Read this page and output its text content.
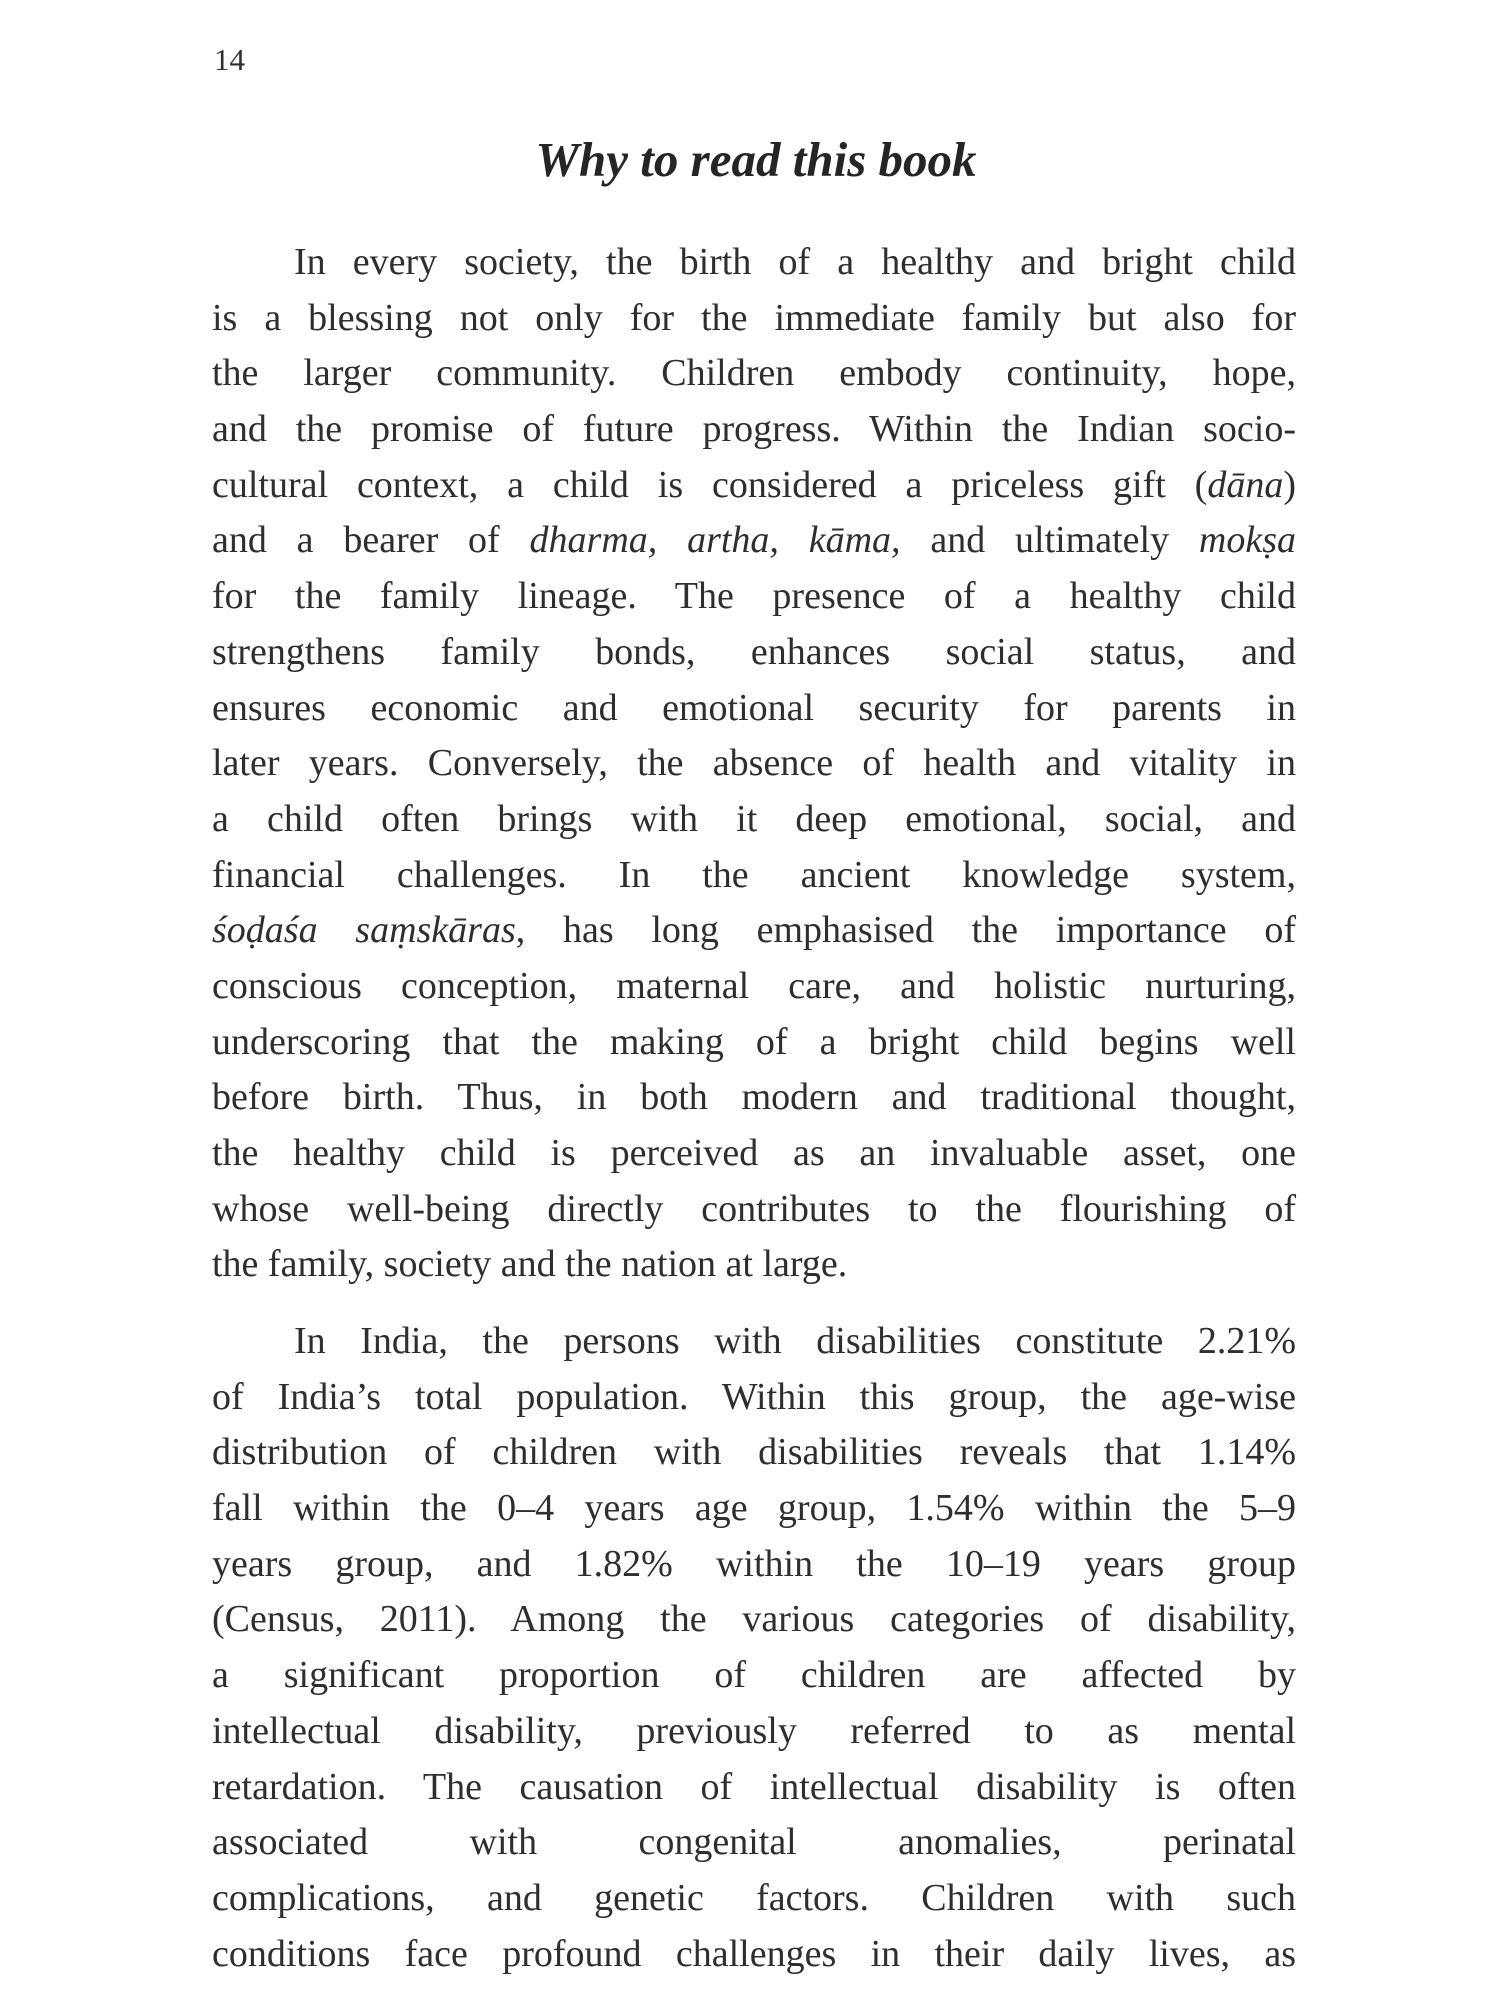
14
Why to read this book
In every society, the birth of a healthy and bright child
is a blessing not only for the immediate family but also for
the larger community. Children embody continuity, hope,
and the promise of future progress. Within the Indian socio-
cultural context, a child is considered a priceless gift (dāna)
and a bearer of dharma, artha, kāma, and ultimately mokṣa
for the family lineage. The presence of a healthy child
strengthens family bonds, enhances social status, and
ensures economic and emotional security for parents in
later years. Conversely, the absence of health and vitality in
a child often brings with it deep emotional, social, and
financial challenges. In the ancient knowledge system,
śoḍaśa saṃskāras, has long emphasised the importance of
conscious conception, maternal care, and holistic nurturing,
underscoring that the making of a bright child begins well
before birth. Thus, in both modern and traditional thought,
the healthy child is perceived as an invaluable asset, one
whose well-being directly contributes to the flourishing of
the family, society and the nation at large.
In India, the persons with disabilities constitute 2.21%
of India’s total population. Within this group, the age-wise
distribution of children with disabilities reveals that 1.14%
fall within the 0–4 years age group, 1.54% within the 5–9
years group, and 1.82% within the 10–19 years group
(Census, 2011). Among the various categories of disability,
a significant proportion of children are affected by
intellectual disability, previously referred to as mental
retardation. The causation of intellectual disability is often
associated with congenital anomalies, perinatal
complications, and genetic factors. Children with such
conditions face profound challenges in their daily lives, as
